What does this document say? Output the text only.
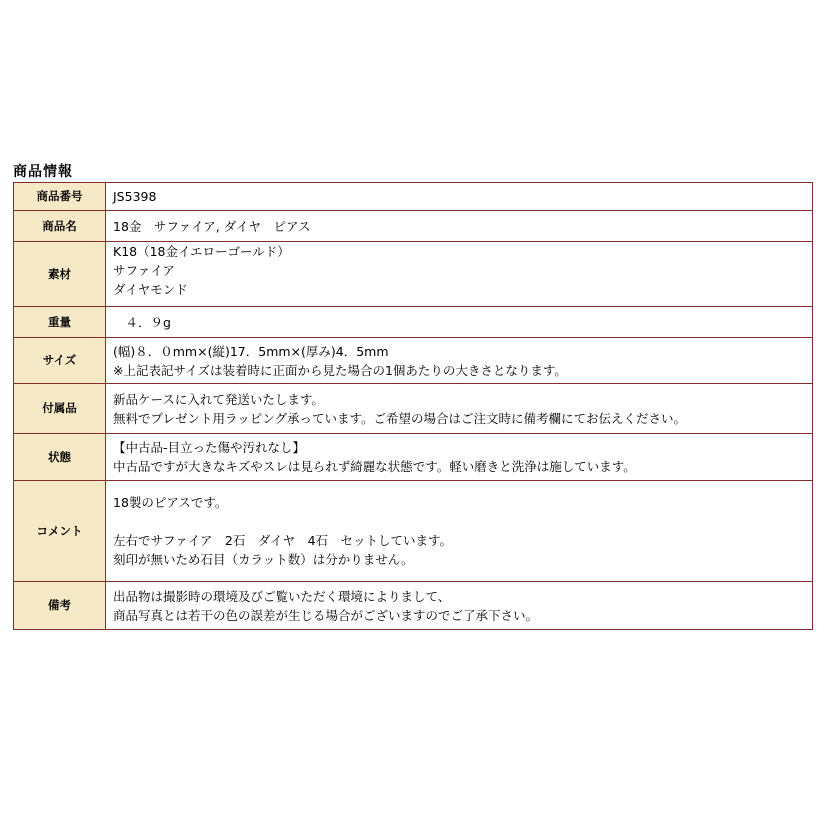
商品情報
商品番号	JS5398

商品名	18金　サファイア, ダイヤ　ピアス

素材	K18（18金イエローゴールド）
サファイア
ダイヤモンド

重量	　４．９g

サイズ	(幅)８．０mm×(縦)17．5mm×(厚み)4．5mm
※上記表記サイズは装着時に正面から見た場合の1個あたりの大きさとなります。

付属品	新品ケースに入れて発送いたします。
無料でプレゼント用ラッピング承っています。ご希望の場合はご注文時に備考欄にてお伝えください。

状態	【中古品-目立った傷や汚れなし】
中古品ですが大きなキズやスレは見られず綺麗な状態です。軽い磨きと洗浄は施しています。

コメント	18製のピアスです。
左右でサファイア　2石　ダイヤ　4石　セットしています。
刻印が無いため石目（カラット数）は分かりません。

備考	出品物は撮影時の環境及びご覧いただく環境によりまして、
商品写真とは若干の色の誤差が生じる場合がございますのでご了承下さい。
